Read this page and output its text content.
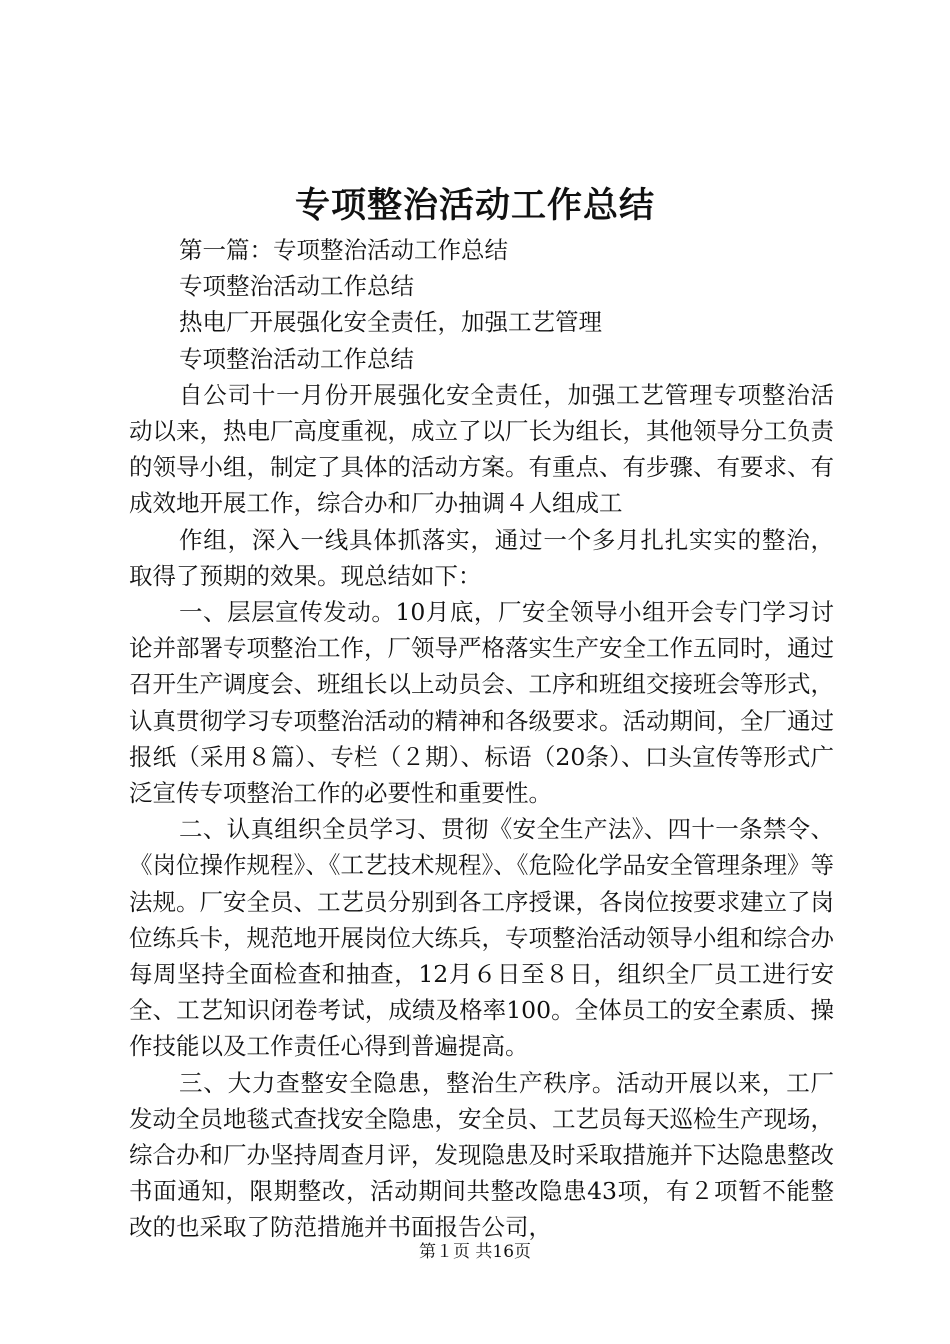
专项整治活动工作总结

第一篇：专项整治活动工作总结

专项整治活动工作总结

热电厂开展强化安全责任，加强工艺管理

专项整治活动工作总结

自公司十一月份开展强化安全责任，加强工艺管理专项整治活动以来，热电厂高度重视，成立了以厂长为组长，其他领导分工负责的领导小组，制定了具体的活动方案。有重点、有步骤、有要求、有成效地开展工作，综合办和厂办抽调４人组成工

作组，深入一线具体抓落实，通过一个多月扎扎实实的整治，取得了预期的效果。现总结如下：

一、层层宣传发动。10月底，厂安全领导小组开会专门学习讨论并部署专项整治工作，厂领导严格落实生产安全工作五同时，通过召开生产调度会、班组长以上动员会、工序和班组交接班会等形式，认真贯彻学习专项整治活动的精神和各级要求。活动期间，全厂通过报纸（采用８篇）、专栏（２期）、标语（20条）、口头宣传等形式广泛宣传专项整治工作的必要性和重要性。

二、认真组织全员学习、贯彻《安全生产法》、四十一条禁令、《岗位操作规程》、《工艺技术规程》、《危险化学品安全管理条理》等法规。厂安全员、工艺员分别到各工序授课，各岗位按要求建立了岗位练兵卡，规范地开展岗位大练兵，专项整治活动领导小组和综合办每周坚持全面检查和抽查，12月６日至８日，组织全厂员工进行安全、工艺知识闭卷考试，成绩及格率100。全体员工的安全素质、操作技能以及工作责任心得到普遍提高。

三、大力查整安全隐患，整治生产秩序。活动开展以来，工厂发动全员地毯式查找安全隐患，安全员、工艺员每天巡检生产现场，综合办和厂办坚持周查月评，发现隐患及时采取措施并下达隐患整改书面通知，限期整改，活动期间共整改隐患43项，有２项暂不能整改的也采取了防范措施并书面报告公司，

第１页 共16页
